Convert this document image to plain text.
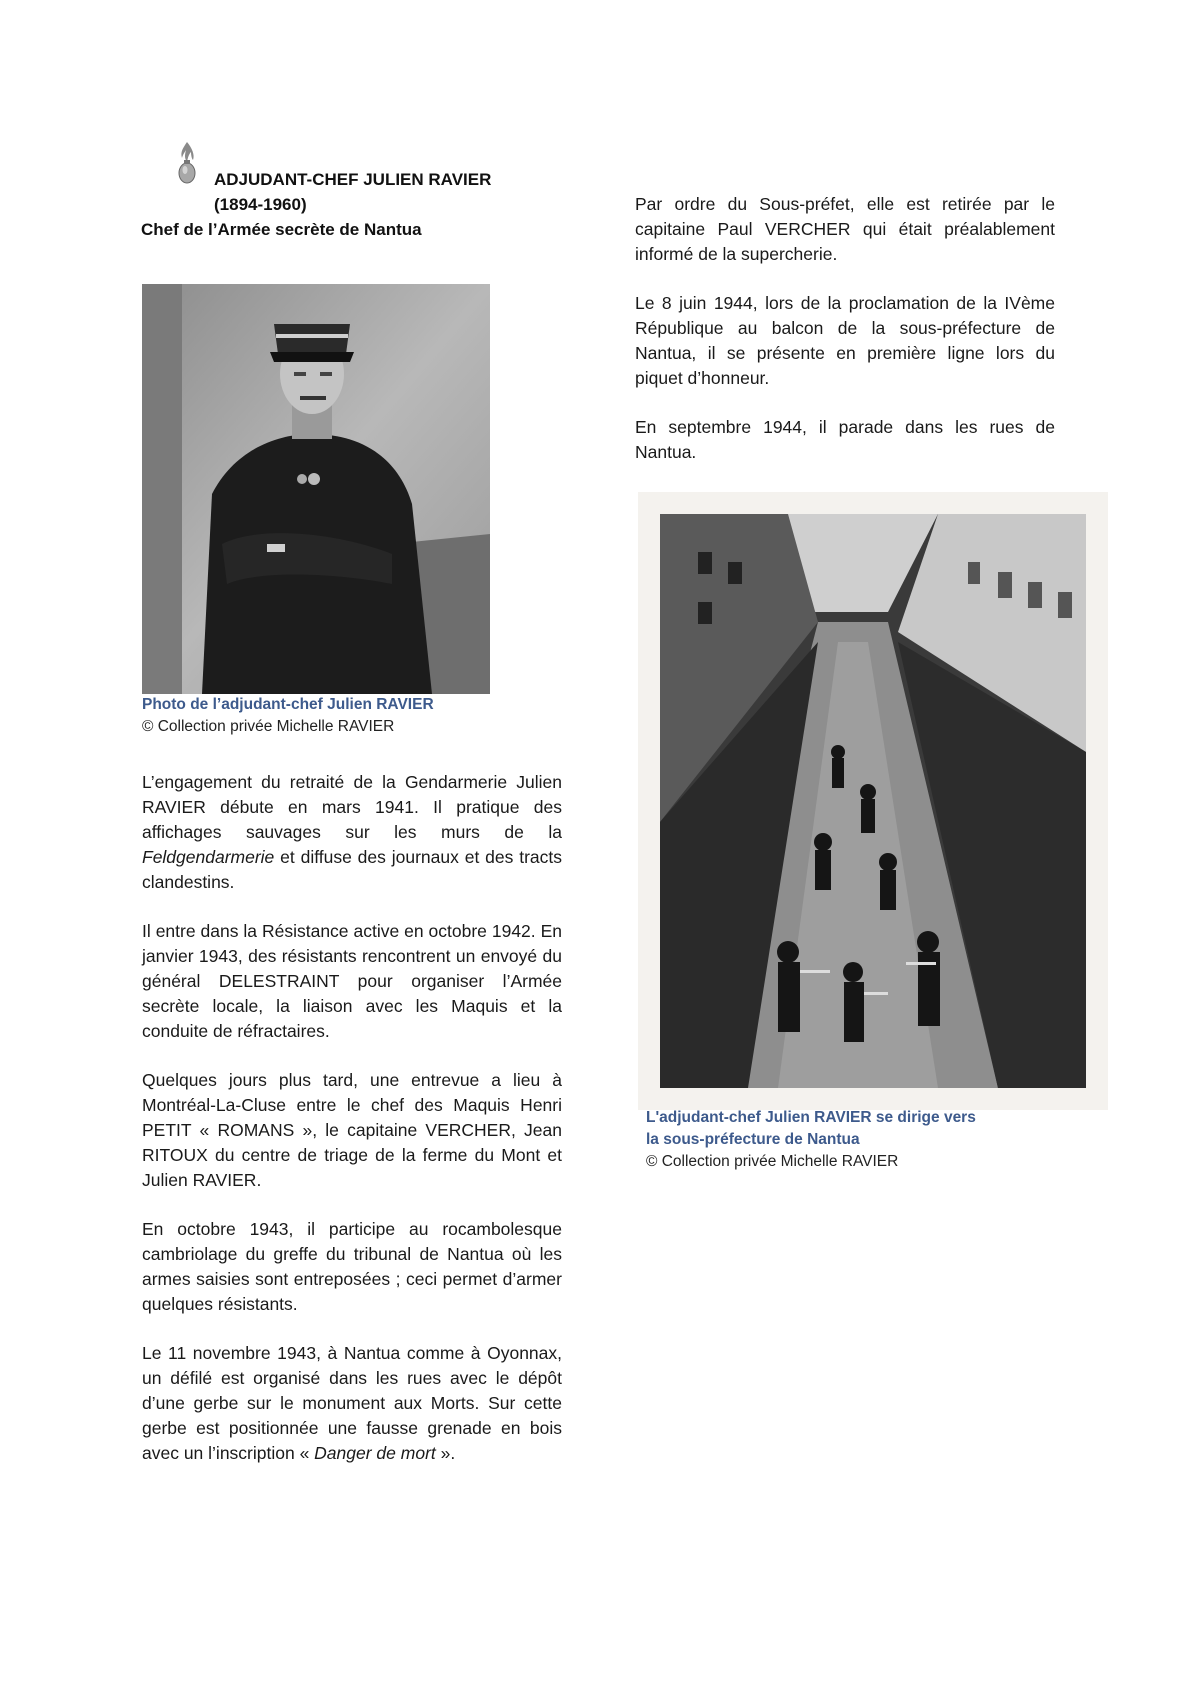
ADJUDANT-CHEF JULIEN RAVIER
(1894-1960)
Chef de l’Armée secrète de Nantua
Photo de l’adjudant-chef Julien RAVIER
© Collection privée Michelle RAVIER

L’engagement du retraité de la Gendarmerie Julien RAVIER débute en mars 1941. Il pratique des affichages sauvages sur les murs de la Feldgendarmerie et diffuse des journaux et des tracts clandestins.

Il entre dans la Résistance active en octobre 1942. En janvier 1943, des résistants rencontrent un envoyé du général DELESTRAINT pour organiser l’Armée secrète locale, la liaison avec les Maquis et la conduite de réfractaires.

Quelques jours plus tard, une entrevue a lieu à Montréal-La-Cluse entre le chef des Maquis Henri PETIT « ROMANS », le capitaine VERCHER, Jean RITOUX du centre de triage de la ferme du Mont et Julien RAVIER.

En octobre 1943, il participe au rocambolesque cambriolage du greffe du tribunal de Nantua où les armes saisies sont entreposées ; ceci permet d’armer quelques résistants.

Le 11 novembre 1943, à Nantua comme à Oyonnax, un défilé est organisé dans les rues avec le dépôt d’une gerbe sur le monument aux Morts. Sur cette gerbe est positionnée une fausse grenade en bois avec un l’inscription « Danger de mort ».

Par ordre du Sous-préfet, elle est retirée par le capitaine Paul VERCHER qui était préalablement informé de la supercherie.

Le 8 juin 1944, lors de la proclamation de la IVème République au balcon de la sous-préfecture de Nantua, il se présente en première ligne lors du piquet d’honneur.

En septembre 1944, il parade dans les rues de Nantua.

L'adjudant-chef Julien RAVIER se dirige vers
la sous-préfecture de Nantua
© Collection privée Michelle RAVIER
